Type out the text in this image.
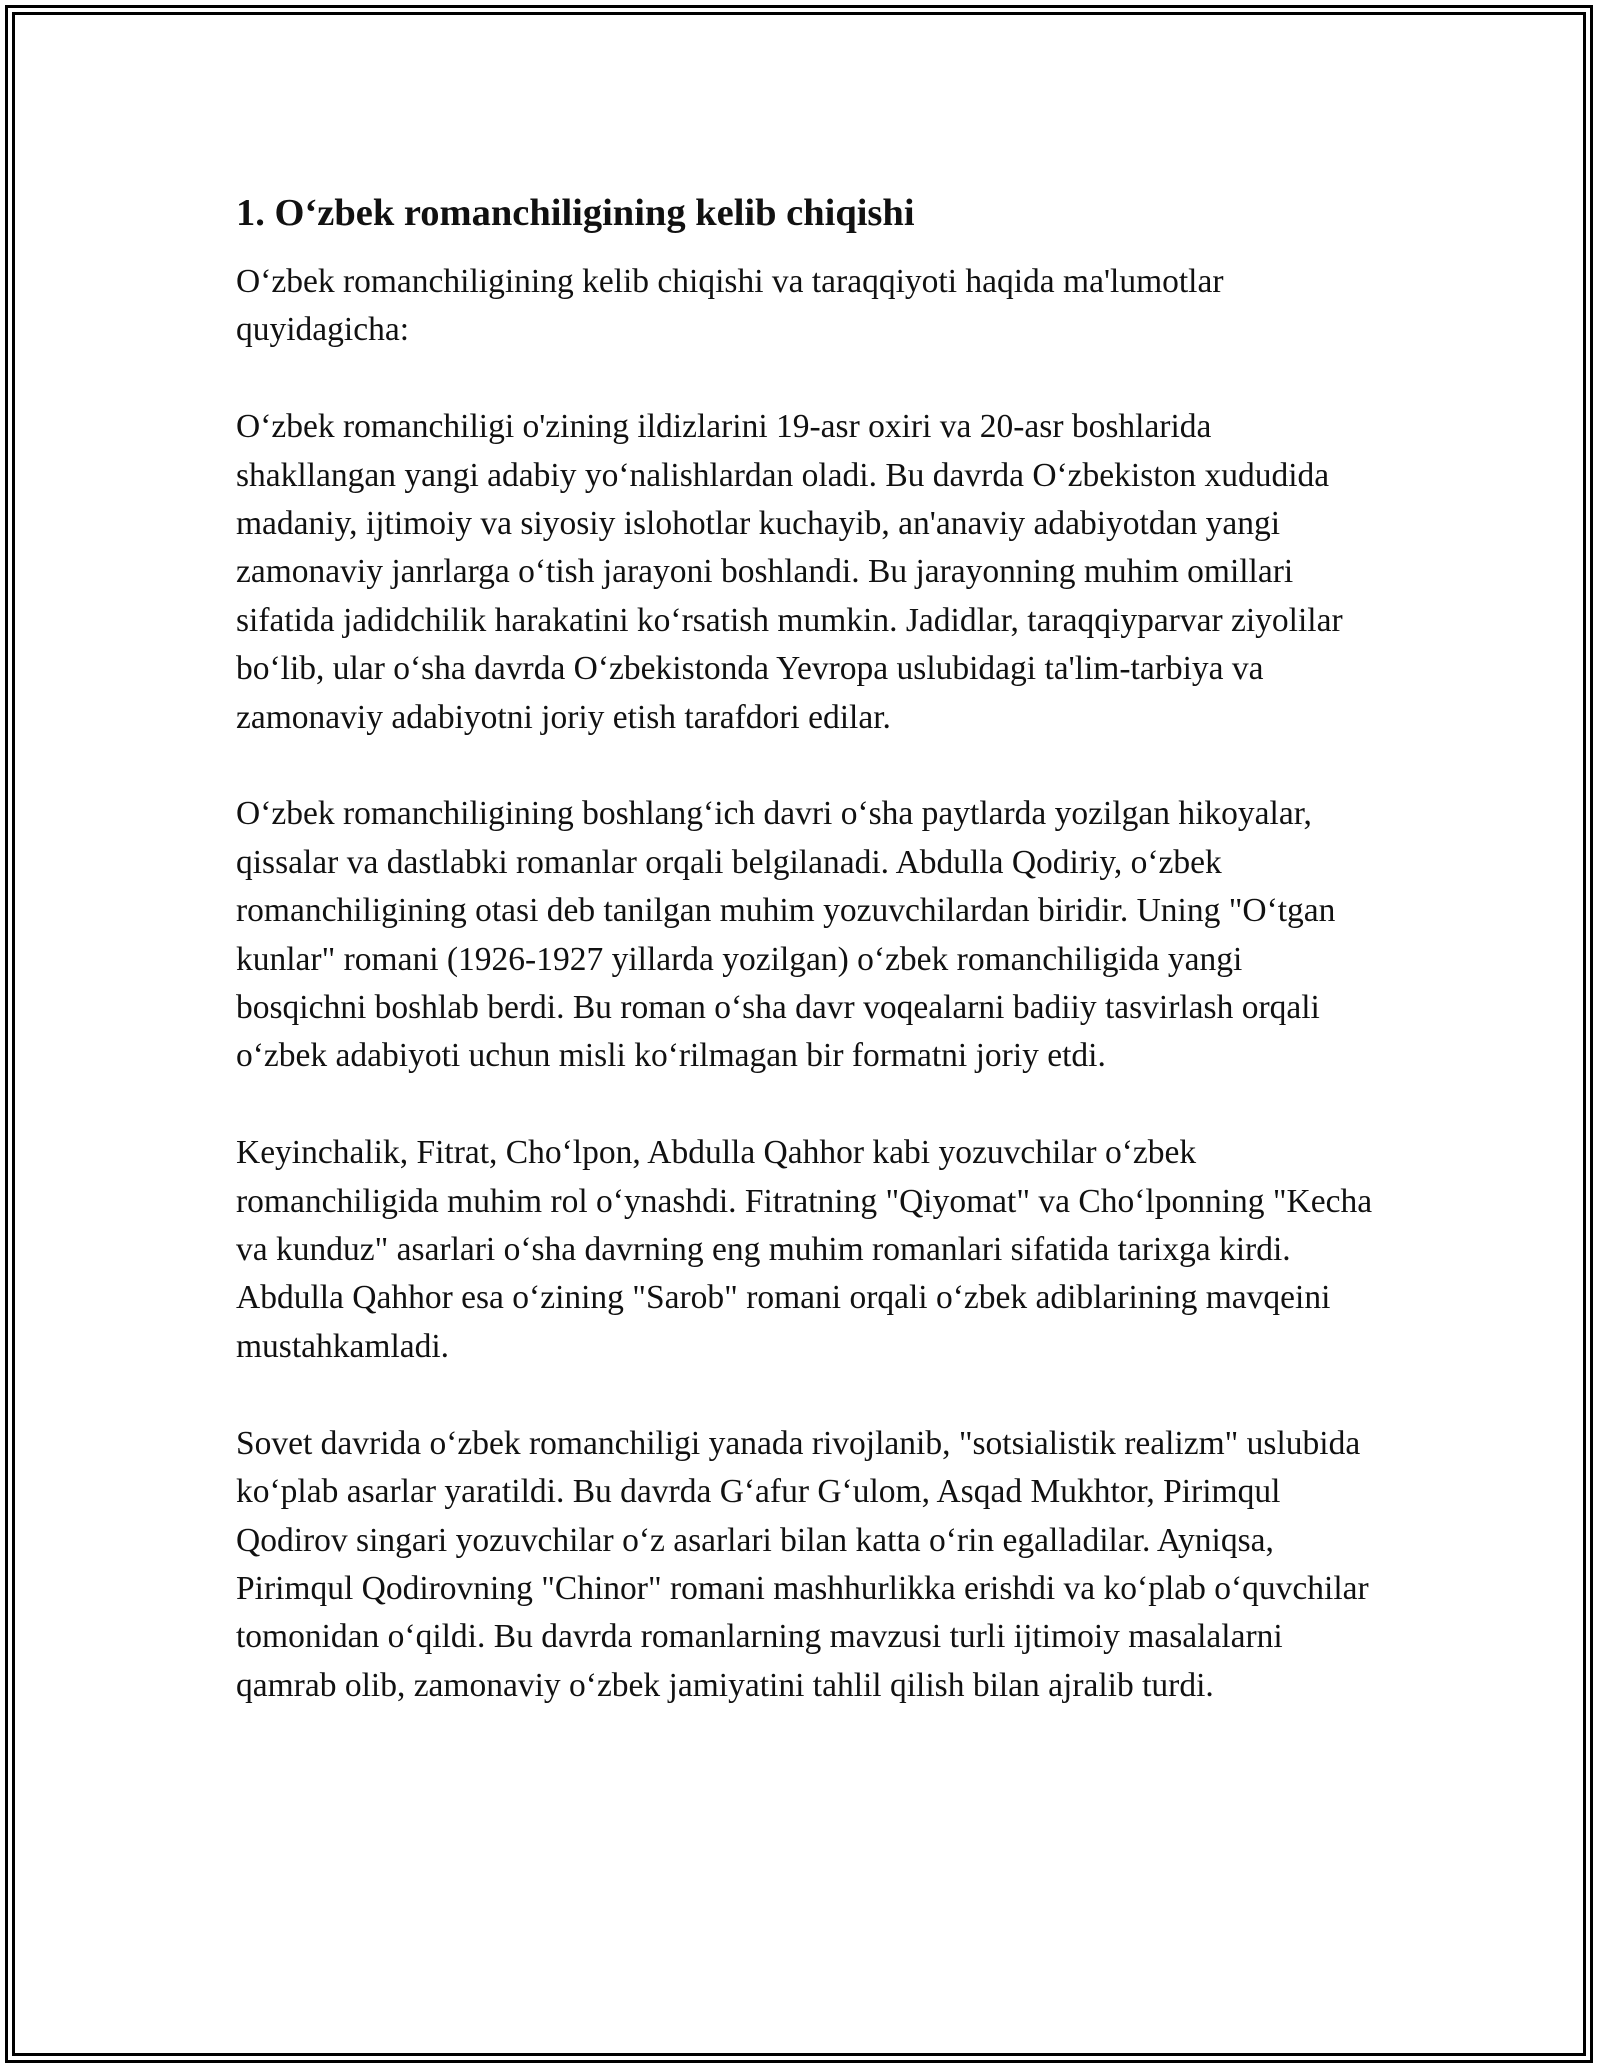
1. O‘zbek romanchiligining kelib chiqishi

O‘zbek romanchiligining kelib chiqishi va taraqqiyoti haqida ma'lumotlar quyidagicha:

O‘zbek romanchiligi o'zining ildizlarini 19-asr oxiri va 20-asr boshlarida shakllangan yangi adabiy yo‘nalishlardan oladi. Bu davrda O‘zbekiston xududida madaniy, ijtimoiy va siyosiy islohotlar kuchayib, an'anaviy adabiyotdan yangi zamonaviy janrlarga o‘tish jarayoni boshlandi. Bu jarayonning muhim omillari sifatida jadidchilik harakatini ko‘rsatish mumkin. Jadidlar, taraqqiyparvar ziyolilar bo‘lib, ular o‘sha davrda O‘zbekistonda Yevropa uslubidagi ta'lim-tarbiya va zamonaviy adabiyotni joriy etish tarafdori edilar.

O‘zbek romanchiligining boshlang‘ich davri o‘sha paytlarda yozilgan hikoyalar, qissalar va dastlabki romanlar orqali belgilanadi. Abdulla Qodiriy, o‘zbek romanchiligining otasi deb tanilgan muhim yozuvchilardan biridir. Uning "O‘tgan kunlar" romani (1926-1927 yillarda yozilgan) o‘zbek romanchiligida yangi bosqichni boshlab berdi. Bu roman o‘sha davr voqealarni badiiy tasvirlash orqali o‘zbek adabiyoti uchun misli ko‘rilmagan bir formatni joriy etdi.

Keyinchalik, Fitrat, Cho‘lpon, Abdulla Qahhor kabi yozuvchilar o‘zbek romanchiligida muhim rol o‘ynashdi. Fitratning "Qiyomat" va Cho‘lponning "Kecha va kunduz" asarlari o‘sha davrning eng muhim romanlari sifatida tarixga kirdi. Abdulla Qahhor esa o‘zining "Sarob" romani orqali o‘zbek adiblarining mavqeini mustahkamladi.

Sovet davrida o‘zbek romanchiligi yanada rivojlanib, "sotsialistik realizm" uslubida ko‘plab asarlar yaratildi. Bu davrda G‘afur G‘ulom, Asqad Mukhtor, Pirimqul Qodirov singari yozuvchilar o‘z asarlari bilan katta o‘rin egalladilar. Ayniqsa, Pirimqul Qodirovning "Chinor" romani mashhurlikka erishdi va ko‘plab o‘quvchilar tomonidan o‘qildi. Bu davrda romanlarning mavzusi turli ijtimoiy masalalarni qamrab olib, zamonaviy o‘zbek jamiyatini tahlil qilish bilan ajralib turdi.
